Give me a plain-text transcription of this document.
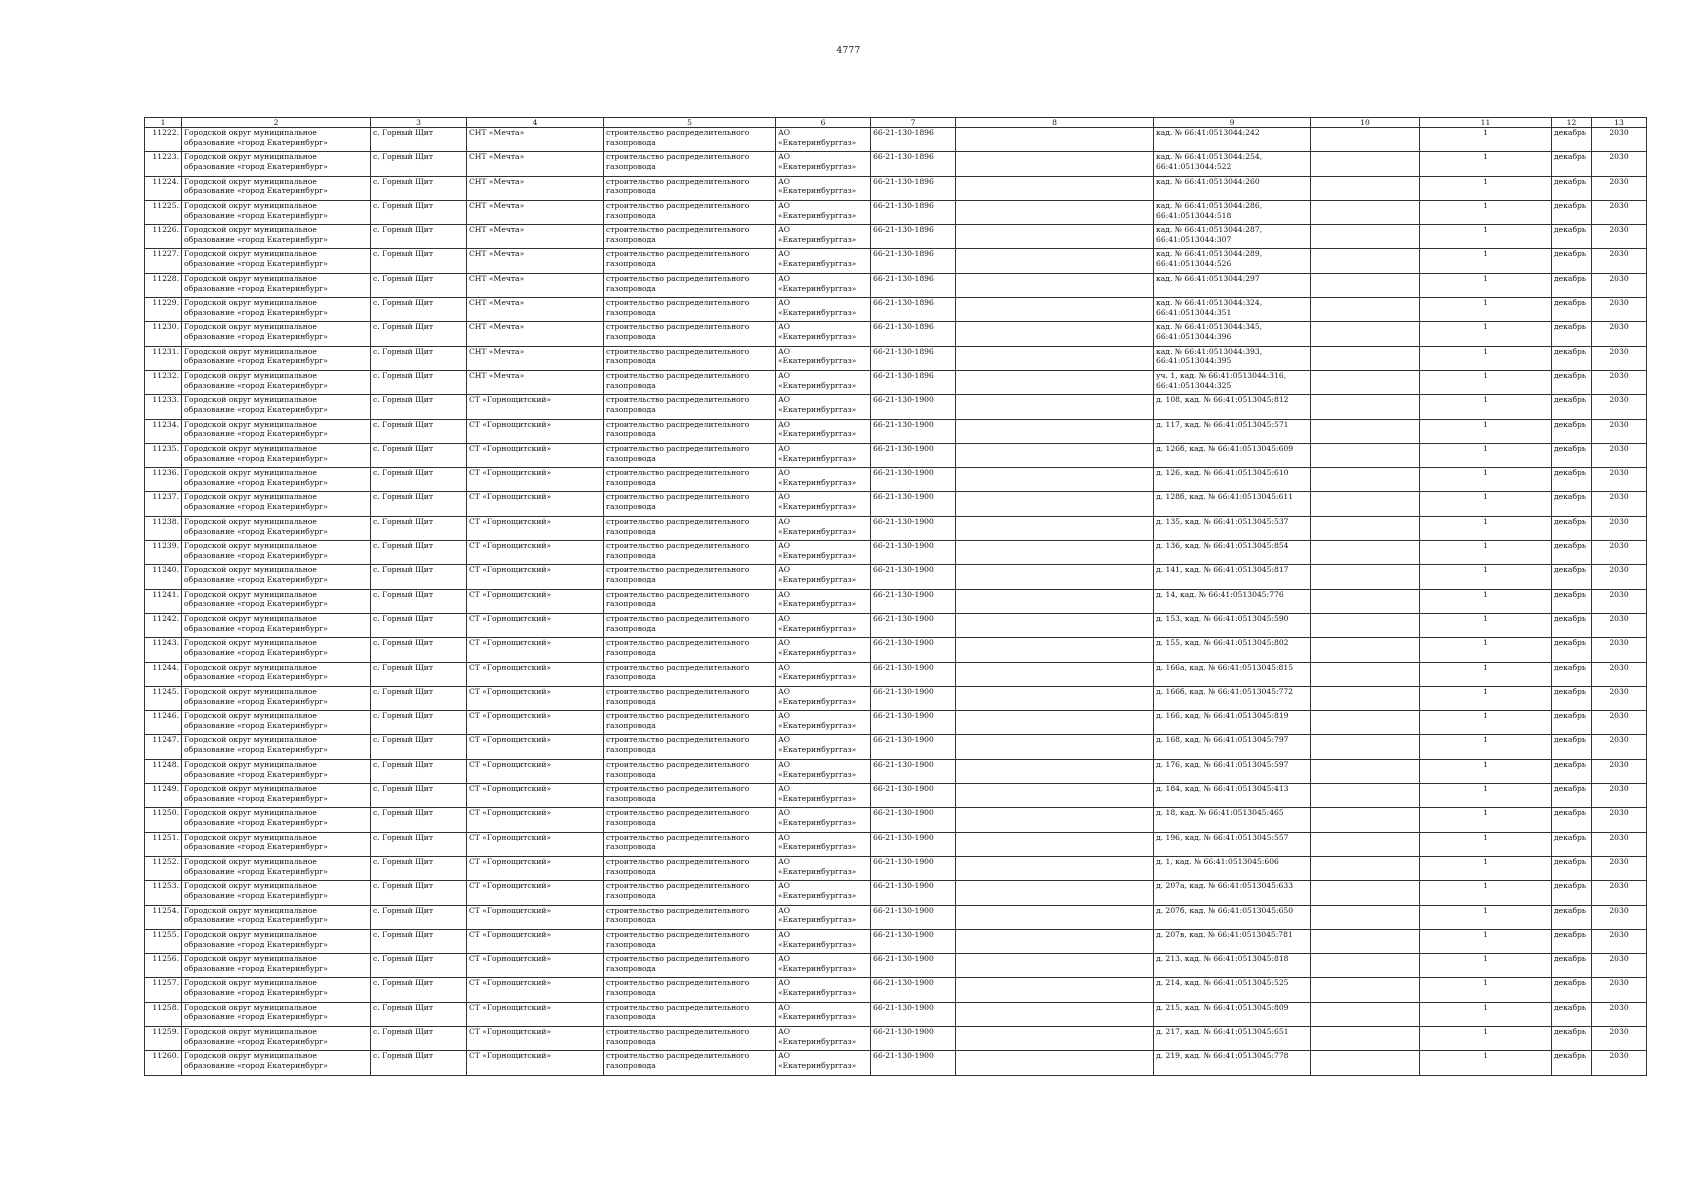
4777
1	2	3	4	5	6	7	8	9	10	11	12	13
11222.	Городской округ муниципальное образование «город Екатеринбург»	с. Горный Щит	СНТ «Мечта»	строительство распределительного газопровода	АО «Екатеринбурггаз»	66-21-130-1896		кад. № 66:41:0513044:242		1	декабрь	2030
11223.	Городской округ муниципальное образование «город Екатеринбург»	с. Горный Щит	СНТ «Мечта»	строительство распределительного газопровода	АО «Екатеринбурггаз»	66-21-130-1896		кад. № 66:41:0513044:254, 66:41:0513044:522		1	декабрь	2030
11224.	Городской округ муниципальное образование «город Екатеринбург»	с. Горный Щит	СНТ «Мечта»	строительство распределительного газопровода	АО «Екатеринбурггаз»	66-21-130-1896		кад. № 66:41:0513044:260		1	декабрь	2030
11225.	Городской округ муниципальное образование «город Екатеринбург»	с. Горный Щит	СНТ «Мечта»	строительство распределительного газопровода	АО «Екатеринбурггаз»	66-21-130-1896		кад. № 66:41:0513044:286, 66:41:0513044:518		1	декабрь	2030
11226.	Городской округ муниципальное образование «город Екатеринбург»	с. Горный Щит	СНТ «Мечта»	строительство распределительного газопровода	АО «Екатеринбурггаз»	66-21-130-1896		кад. № 66:41:0513044:287, 66:41:0513044:307		1	декабрь	2030
11227.	Городской округ муниципальное образование «город Екатеринбург»	с. Горный Щит	СНТ «Мечта»	строительство распределительного газопровода	АО «Екатеринбурггаз»	66-21-130-1896		кад. № 66:41:0513044:289, 66:41:0513044:526		1	декабрь	2030
11228.	Городской округ муниципальное образование «город Екатеринбург»	с. Горный Щит	СНТ «Мечта»	строительство распределительного газопровода	АО «Екатеринбурггаз»	66-21-130-1896		кад. № 66:41:0513044:297		1	декабрь	2030
11229.	Городской округ муниципальное образование «город Екатеринбург»	с. Горный Щит	СНТ «Мечта»	строительство распределительного газопровода	АО «Екатеринбурггаз»	66-21-130-1896		кад. № 66:41:0513044:324, 66:41:0513044:351		1	декабрь	2030
11230.	Городской округ муниципальное образование «город Екатеринбург»	с. Горный Щит	СНТ «Мечта»	строительство распределительного газопровода	АО «Екатеринбурггаз»	66-21-130-1896		кад. № 66:41:0513044:345, 66:41:0513044:396		1	декабрь	2030
11231.	Городской округ муниципальное образование «город Екатеринбург»	с. Горный Щит	СНТ «Мечта»	строительство распределительного газопровода	АО «Екатеринбурггаз»	66-21-130-1896		кад. № 66:41:0513044:393, 66:41:0513044:395		1	декабрь	2030
11232.	Городской округ муниципальное образование «город Екатеринбург»	с. Горный Щит	СНТ «Мечта»	строительство распределительного газопровода	АО «Екатеринбурггаз»	66-21-130-1896		уч. 1, кад. № 66:41:0513044:316, 66:41:0513044:325		1	декабрь	2030
11233.	Городской округ муниципальное образование «город Екатеринбург»	с. Горный Щит	СТ «Горнощитский»	строительство распределительного газопровода	АО «Екатеринбурггаз»	66-21-130-1900		д. 108, кад. № 66:41:0513045:812		1	декабрь	2030
11234.	Городской округ муниципальное образование «город Екатеринбург»	с. Горный Щит	СТ «Горнощитский»	строительство распределительного газопровода	АО «Екатеринбурггаз»	66-21-130-1900		д. 117, кад. № 66:41:0513045:571		1	декабрь	2030
11235.	Городской округ муниципальное образование «город Екатеринбург»	с. Горный Щит	СТ «Горнощитский»	строительство распределительного газопровода	АО «Екатеринбурггаз»	66-21-130-1900		д. 126б, кад. № 66:41:0513045:609		1	декабрь	2030
11236.	Городской округ муниципальное образование «город Екатеринбург»	с. Горный Щит	СТ «Горнощитский»	строительство распределительного газопровода	АО «Екатеринбурггаз»	66-21-130-1900		д. 126, кад. № 66:41:0513045:610		1	декабрь	2030
11237.	Городской округ муниципальное образование «город Екатеринбург»	с. Горный Щит	СТ «Горнощитский»	строительство распределительного газопровода	АО «Екатеринбурггаз»	66-21-130-1900		д. 128б, кад. № 66:41:0513045:611		1	декабрь	2030
11238.	Городской округ муниципальное образование «город Екатеринбург»	с. Горный Щит	СТ «Горнощитский»	строительство распределительного газопровода	АО «Екатеринбурггаз»	66-21-130-1900		д. 135, кад. № 66:41:0513045:537		1	декабрь	2030
11239.	Городской округ муниципальное образование «город Екатеринбург»	с. Горный Щит	СТ «Горнощитский»	строительство распределительного газопровода	АО «Екатеринбурггаз»	66-21-130-1900		д. 136, кад. № 66:41:0513045:854		1	декабрь	2030
11240.	Городской округ муниципальное образование «город Екатеринбург»	с. Горный Щит	СТ «Горнощитский»	строительство распределительного газопровода	АО «Екатеринбурггаз»	66-21-130-1900		д. 141, кад. № 66:41:0513045:817		1	декабрь	2030
11241.	Городской округ муниципальное образование «город Екатеринбург»	с. Горный Щит	СТ «Горнощитский»	строительство распределительного газопровода	АО «Екатеринбурггаз»	66-21-130-1900		д. 14, кад. № 66:41:0513045:776		1	декабрь	2030
11242.	Городской округ муниципальное образование «город Екатеринбург»	с. Горный Щит	СТ «Горнощитский»	строительство распределительного газопровода	АО «Екатеринбурггаз»	66-21-130-1900		д. 153, кад. № 66:41:0513045:590		1	декабрь	2030
11243.	Городской округ муниципальное образование «город Екатеринбург»	с. Горный Щит	СТ «Горнощитский»	строительство распределительного газопровода	АО «Екатеринбурггаз»	66-21-130-1900		д. 155, кад. № 66:41:0513045:802		1	декабрь	2030
11244.	Городской округ муниципальное образование «город Екатеринбург»	с. Горный Щит	СТ «Горнощитский»	строительство распределительного газопровода	АО «Екатеринбурггаз»	66-21-130-1900		д. 166а, кад. № 66:41:0513045:815		1	декабрь	2030
11245.	Городской округ муниципальное образование «город Екатеринбург»	с. Горный Щит	СТ «Горнощитский»	строительство распределительного газопровода	АО «Екатеринбурггаз»	66-21-130-1900		д. 166б, кад. № 66:41:0513045:772		1	декабрь	2030
11246.	Городской округ муниципальное образование «город Екатеринбург»	с. Горный Щит	СТ «Горнощитский»	строительство распределительного газопровода	АО «Екатеринбурггаз»	66-21-130-1900		д. 166, кад. № 66:41:0513045:819		1	декабрь	2030
11247.	Городской округ муниципальное образование «город Екатеринбург»	с. Горный Щит	СТ «Горнощитский»	строительство распределительного газопровода	АО «Екатеринбурггаз»	66-21-130-1900		д. 168, кад. № 66:41:0513045:797		1	декабрь	2030
11248.	Городской округ муниципальное образование «город Екатеринбург»	с. Горный Щит	СТ «Горнощитский»	строительство распределительного газопровода	АО «Екатеринбурггаз»	66-21-130-1900		д. 176, кад. № 66:41:0513045:597		1	декабрь	2030
11249.	Городской округ муниципальное образование «город Екатеринбург»	с. Горный Щит	СТ «Горнощитский»	строительство распределительного газопровода	АО «Екатеринбурггаз»	66-21-130-1900		д. 184, кад. № 66:41:0513045:413		1	декабрь	2030
11250.	Городской округ муниципальное образование «город Екатеринбург»	с. Горный Щит	СТ «Горнощитский»	строительство распределительного газопровода	АО «Екатеринбурггаз»	66-21-130-1900		д. 18, кад. № 66:41:0513045:465		1	декабрь	2030
11251.	Городской округ муниципальное образование «город Екатеринбург»	с. Горный Щит	СТ «Горнощитский»	строительство распределительного газопровода	АО «Екатеринбурггаз»	66-21-130-1900		д. 196, кад. № 66:41:0513045:557		1	декабрь	2030
11252.	Городской округ муниципальное образование «город Екатеринбург»	с. Горный Щит	СТ «Горнощитский»	строительство распределительного газопровода	АО «Екатеринбурггаз»	66-21-130-1900		д. 1, кад. № 66:41:0513045:606		1	декабрь	2030
11253.	Городской округ муниципальное образование «город Екатеринбург»	с. Горный Щит	СТ «Горнощитский»	строительство распределительного газопровода	АО «Екатеринбурггаз»	66-21-130-1900		д. 207а, кад. № 66:41:0513045:633		1	декабрь	2030
11254.	Городской округ муниципальное образование «город Екатеринбург»	с. Горный Щит	СТ «Горнощитский»	строительство распределительного газопровода	АО «Екатеринбурггаз»	66-21-130-1900		д. 207б, кад. № 66:41:0513045:650		1	декабрь	2030
11255.	Городской округ муниципальное образование «город Екатеринбург»	с. Горный Щит	СТ «Горнощитский»	строительство распределительного газопровода	АО «Екатеринбурггаз»	66-21-130-1900		д. 207в, кад. № 66:41:0513045:781		1	декабрь	2030
11256.	Городской округ муниципальное образование «город Екатеринбург»	с. Горный Щит	СТ «Горнощитский»	строительство распределительного газопровода	АО «Екатеринбурггаз»	66-21-130-1900		д. 213, кад. № 66:41:0513045:818		1	декабрь	2030
11257.	Городской округ муниципальное образование «город Екатеринбург»	с. Горный Щит	СТ «Горнощитский»	строительство распределительного газопровода	АО «Екатеринбурггаз»	66-21-130-1900		д. 214, кад. № 66:41:0513045:525		1	декабрь	2030
11258.	Городской округ муниципальное образование «город Екатеринбург»	с. Горный Щит	СТ «Горнощитский»	строительство распределительного газопровода	АО «Екатеринбурггаз»	66-21-130-1900		д. 215, кад. № 66:41:0513045:809		1	декабрь	2030
11259.	Городской округ муниципальное образование «город Екатеринбург»	с. Горный Щит	СТ «Горнощитский»	строительство распределительного газопровода	АО «Екатеринбурггаз»	66-21-130-1900		д. 217, кад. № 66:41:0513045:651		1	декабрь	2030
11260.	Городской округ муниципальное образование «город Екатеринбург»	с. Горный Щит	СТ «Горнощитский»	строительство распределительного газопровода	АО «Екатеринбурггаз»	66-21-130-1900		д. 219, кад. № 66:41:0513045:778		1	декабрь	2030
